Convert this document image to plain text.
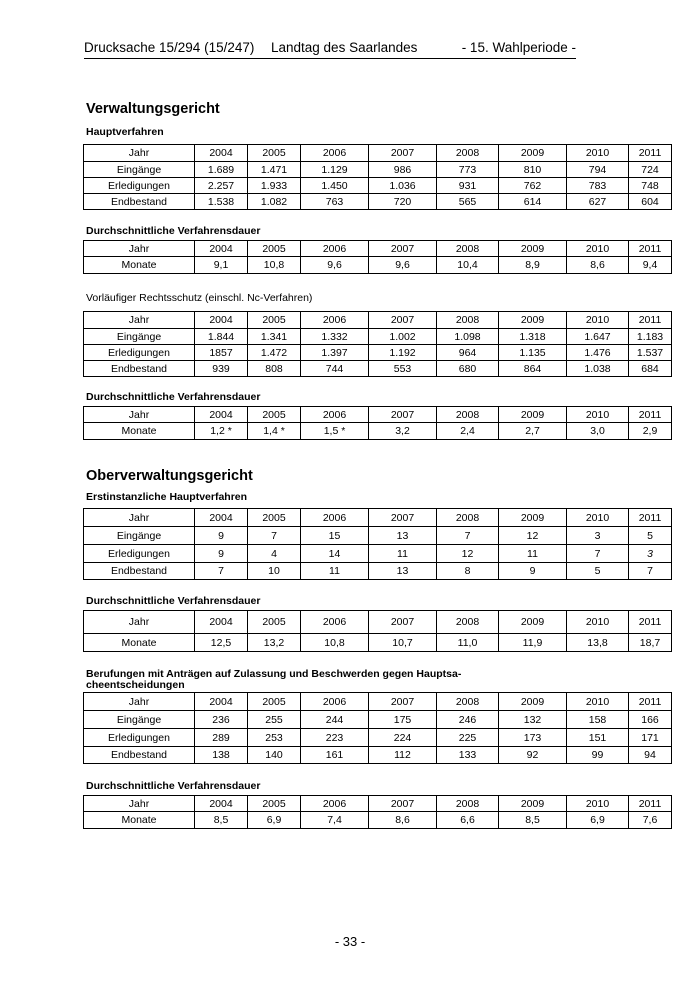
Drucksache 15/294 (15/247) Landtag des Saarlandes	- 15. Wahlperiode -
Verwaltungsgericht
Hauptverfahren
Jahr	2004	2005	2006	2007	2008	2009	2010	2011
Eingänge	1.689	1.471	1.129	986	773	810	794	724
Erledigungen	2.257	1.933	1.450	1.036	931	762	783	748
Endbestand	1.538	1.082	763	720	565	614	627	604
Durchschnittliche Verfahrensdauer
Jahr	2004	2005	2006	2007	2008	2009	2010	2011
Monate	9,1	10,8	9,6	9,6	10,4	8,9	8,6	9,4
Vorläufiger Rechtsschutz (einschl. Nc-Verfahren)
Jahr	2004	2005	2006	2007	2008	2009	2010	2011
Eingänge	1.844	1.341	1.332	1.002	1.098	1.318	1.647	1.183
Erledigungen	1857	1.472	1.397	1.192	964	1.135	1.476	1.537
Endbestand	939	808	744	553	680	864	1.038	684
Durchschnittliche Verfahrensdauer
Jahr	2004	2005	2006	2007	2008	2009	2010	2011
Monate	1,2 *	1,4 *	1,5 *	3,2	2,4	2,7	3,0	2,9
Oberverwaltungsgericht
Erstinstanzliche Hauptverfahren
Jahr	2004	2005	2006	2007	2008	2009	2010	2011
Eingänge	9	7	15	13	7	12	3	5
Erledigungen	9	4	14	11	12	11	7	3
Endbestand	7	10	11	13	8	9	5	7
Durchschnittliche Verfahrensdauer
Jahr	2004	2005	2006	2007	2008	2009	2010	2011
Monate	12,5	13,2	10,8	10,7	11,0	11,9	13,8	18,7
Berufungen mit Anträgen auf Zulassung und Beschwerden gegen Hauptsa-
cheentscheidungen
Jahr	2004	2005	2006	2007	2008	2009	2010	2011
Eingänge	236	255	244	175	246	132	158	166
Erledigungen	289	253	223	224	225	173	151	171
Endbestand	138	140	161	112	133	92	99	94
Durchschnittliche Verfahrensdauer
Jahr	2004	2005	2006	2007	2008	2009	2010	2011
Monate	8,5	6,9	7,4	8,6	6,6	8,5	6,9	7,6
- 33 -
